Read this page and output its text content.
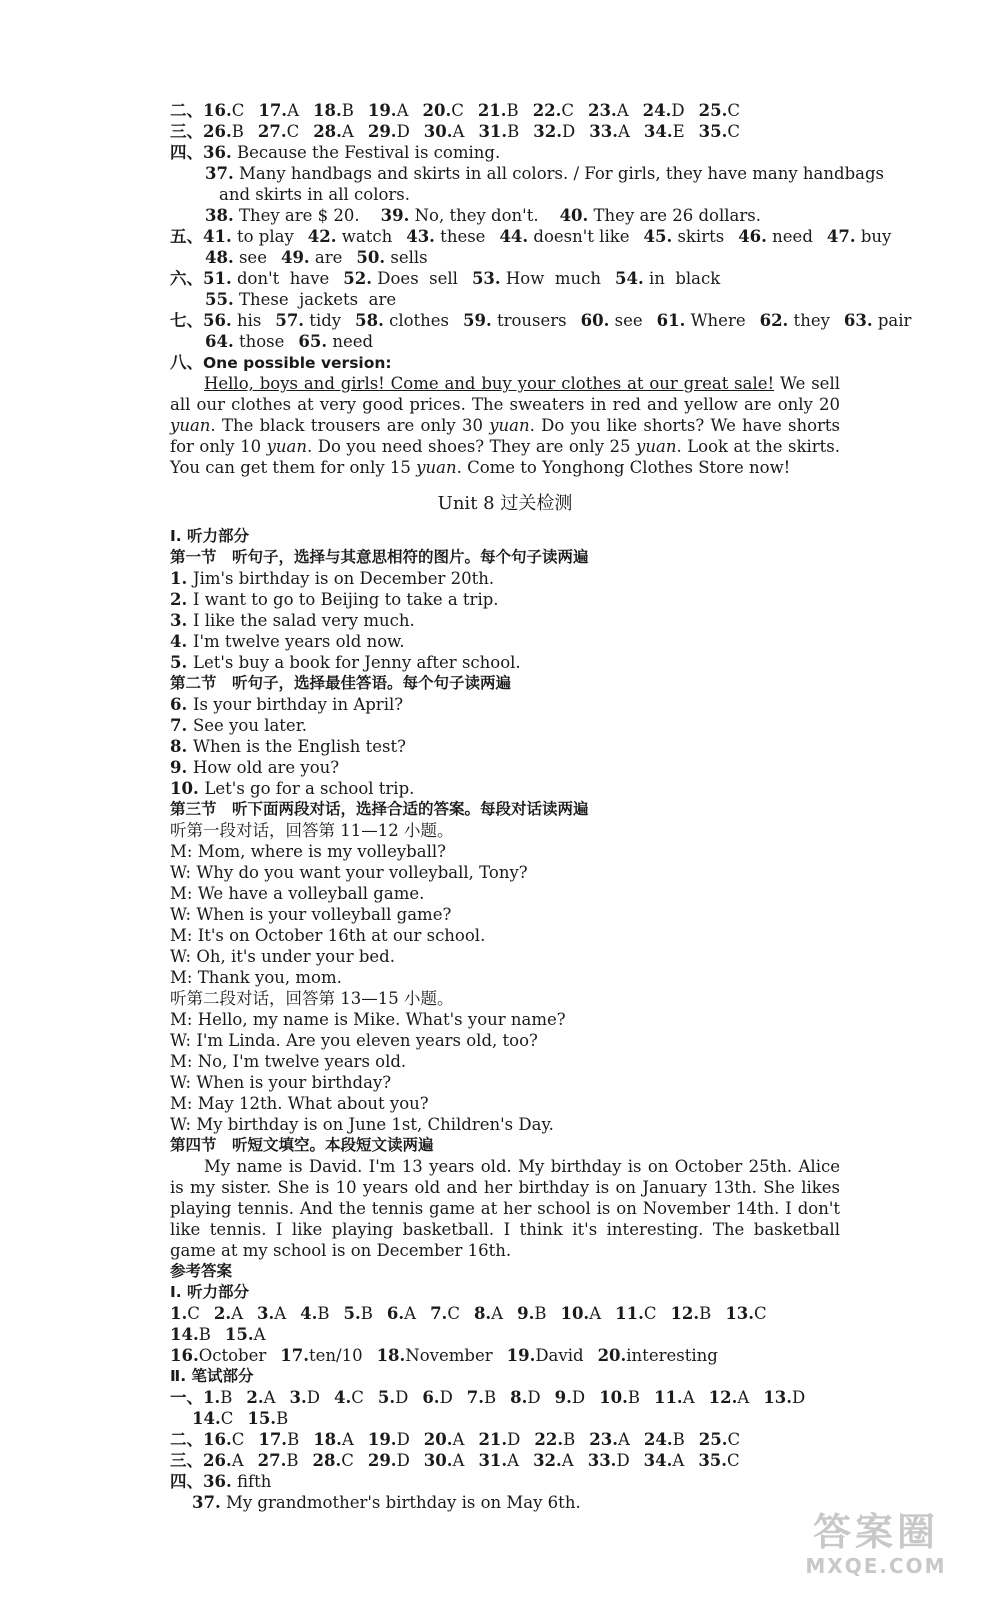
二、16.C 17.A 18.B 19.A 20.C 21.B 22.C 23.A 24.D 25.C
三、26.B 27.C 28.A 29.D 30.A 31.B 32.D 33.A 34.E 35.C
四、36. Because the Festival is coming.
37. Many handbags and skirts in all colors. / For girls, they have many handbags
and skirts in all colors.
38. They are $ 20. 39. No, they don't. 40. They are 26 dollars.
五、41. to play 42. watch 43. these 44. doesn't like 45. skirts 46. need 47. buy
48. see 49. are 50. sells
六、51. don't  have 52. Does  sell 53. How  much 54. in  black
55. These  jackets  are
七、56. his 57. tidy 58. clothes 59. trousers 60. see 61. Where 62. they 63. pair
64. those 65. need
八、One possible version:
Hello, boys and girls! Come and buy your clothes at our great sale! We sell all our clothes at very good prices. The sweaters in red and yellow are only 20 yuan. The black trousers are only 30 yuan. Do you like shorts? We have shorts for only 10 yuan. Do you need shoes? They are only 25 yuan. Look at the skirts. You can get them for only 15 yuan. Come to Yonghong Clothes Store now!
Unit 8 过关检测
Ⅰ. 听力部分
第一节　听句子，选择与其意思相符的图片。每个句子读两遍
1. Jim's birthday is on December 20th.
2. I want to go to Beijing to take a trip.
3. I like the salad very much.
4. I'm twelve years old now.
5. Let's buy a book for Jenny after school.
第二节　听句子，选择最佳答语。每个句子读两遍
6. Is your birthday in April?
7. See you later.
8. When is the English test?
9. How old are you?
10. Let's go for a school trip.
第三节　听下面两段对话，选择合适的答案。每段对话读两遍
听第一段对话，回答第 11—12 小题。
M: Mom, where is my volleyball?
W: Why do you want your volleyball, Tony?
M: We have a volleyball game.
W: When is your volleyball game?
M: It's on October 16th at our school.
W: Oh, it's under your bed.
M: Thank you, mom.
听第二段对话，回答第 13—15 小题。
M: Hello, my name is Mike. What's your name?
W: I'm Linda. Are you eleven years old, too?
M: No, I'm twelve years old.
W: When is your birthday?
M: May 12th. What about you?
W: My birthday is on June 1st, Children's Day.
第四节　听短文填空。本段短文读两遍
My name is David. I'm 13 years old. My birthday is on October 25th. Alice is my sister. She is 10 years old and her birthday is on January 13th. She likes playing tennis. And the tennis game at her school is on November 14th. I don't like tennis. I like playing basketball. I think it's interesting. The basketball game at my school is on December 16th.
参考答案
Ⅰ. 听力部分
1.C 2.A 3.A 4.B 5.B 6.A 7.C 8.A 9.B 10.A 11.C 12.B 13.C
14.B 15.A
16.October 17.ten/10 18.November 19.David 20.interesting
Ⅱ. 笔试部分
一、1.B 2.A 3.D 4.C 5.D 6.D 7.B 8.D 9.D 10.B 11.A 12.A 13.D
14.C 15.B
二、16.C 17.B 18.A 19.D 20.A 21.D 22.B 23.A 24.B 25.C
三、26.A 27.B 28.C 29.D 30.A 31.A 32.A 33.D 34.A 35.C
四、36. fifth
37. My grandmother's birthday is on May 6th.
答案圈
MXQE.COM
